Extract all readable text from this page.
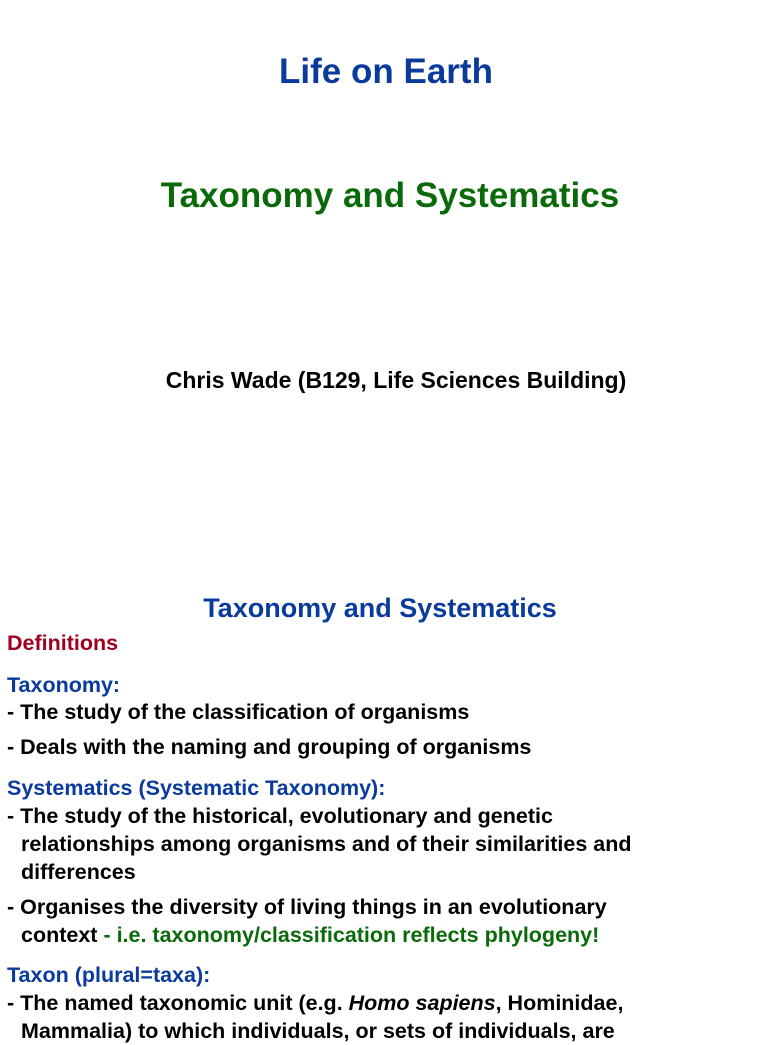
Life on Earth
Taxonomy and Systematics
Chris Wade (B129, Life Sciences Building)
Taxonomy and Systematics
Definitions
Taxonomy:
- The study of the classification of organisms
- Deals with the naming and grouping of organisms
Systematics (Systematic Taxonomy):
- The study of the historical, evolutionary and genetic
relationships among organisms and of their similarities and
differences
- Organises the diversity of living things in an evolutionary
context - i.e. taxonomy/classification reflects phylogeny!
Taxon (plural=taxa):
- The named taxonomic unit (e.g. Homo sapiens, Hominidae,
Mammalia) to which individuals, or sets of individuals, are
